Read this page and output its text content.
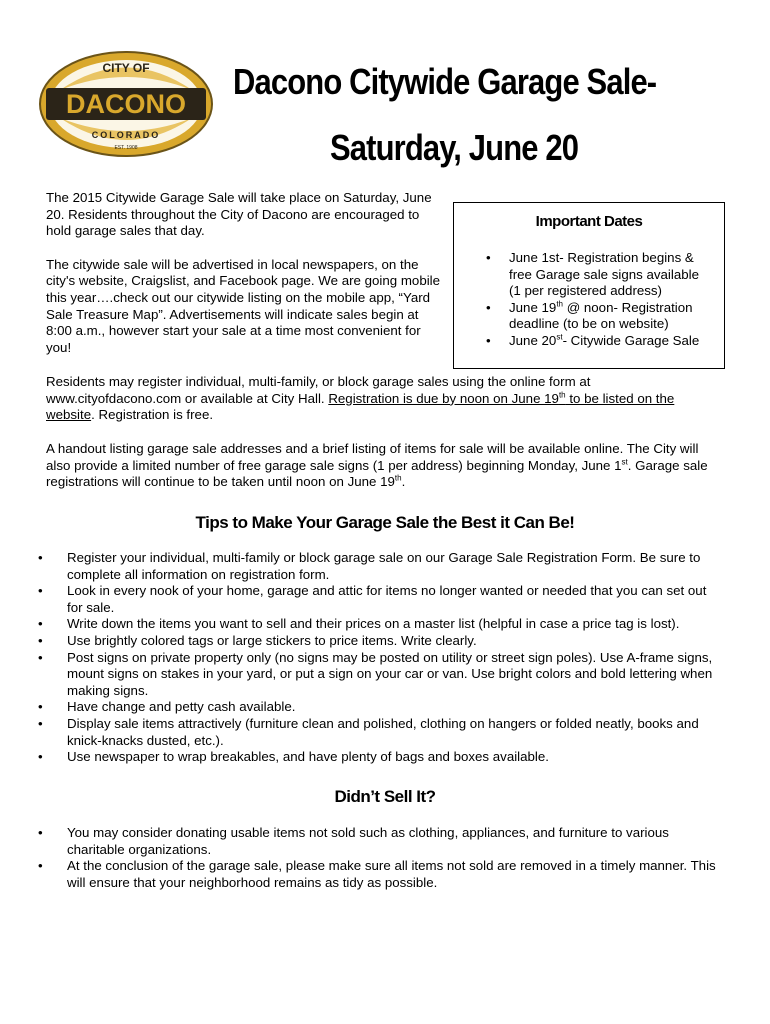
CITY OF
DACONO
COLORADO
EST. 1908
Dacono Citywide Garage Sale-
Saturday, June 20

The 2015 Citywide Garage Sale will take place on Saturday, June 20. Residents throughout the City of Dacono are encouraged to hold garage sales that day.

The citywide sale will be advertised in local newspapers, on the city's website, Craigslist, and Facebook page. We are going mobile this year….check out our citywide listing on the mobile app, “Yard Sale Treasure Map”. Advertisements will indicate sales begin at 8:00 a.m., however start your sale at a time most convenient for you!

Important Dates
• June 1st- Registration begins & free Garage sale signs available (1 per registered address)
• June 19th @ noon- Registration deadline (to be on website)
• June 20st- Citywide Garage Sale
Residents may register individual, multi-family, or block garage sales using the online form at www.cityofdacono.com or available at City Hall. Registration is due by noon on June 19th to be listed on the website. Registration is free.
A handout listing garage sale addresses and a brief listing of items for sale will be available online. The City will also provide a limited number of free garage sale signs (1 per address) beginning Monday, June 1st. Garage sale registrations will continue to be taken until noon on June 19th.
Tips to Make Your Garage Sale the Best it Can Be!
• Register your individual, multi-family or block garage sale on our Garage Sale Registration Form. Be sure to complete all information on registration form.
• Look in every nook of your home, garage and attic for items no longer wanted or needed that you can set out for sale.
• Write down the items you want to sell and their prices on a master list (helpful in case a price tag is lost).
• Use brightly colored tags or large stickers to price items. Write clearly.
• Post signs on private property only (no signs may be posted on utility or street sign poles). Use A-frame signs, mount signs on stakes in your yard, or put a sign on your car or van. Use bright colors and bold lettering when making signs.
• Have change and petty cash available.
• Display sale items attractively (furniture clean and polished, clothing on hangers or folded neatly, books and knick-knacks dusted, etc.).
• Use newspaper to wrap breakables, and have plenty of bags and boxes available.
Didn’t Sell It?
• You may consider donating usable items not sold such as clothing, appliances, and furniture to various charitable organizations.
• At the conclusion of the garage sale, please make sure all items not sold are removed in a timely manner. This will ensure that your neighborhood remains as tidy as possible.
